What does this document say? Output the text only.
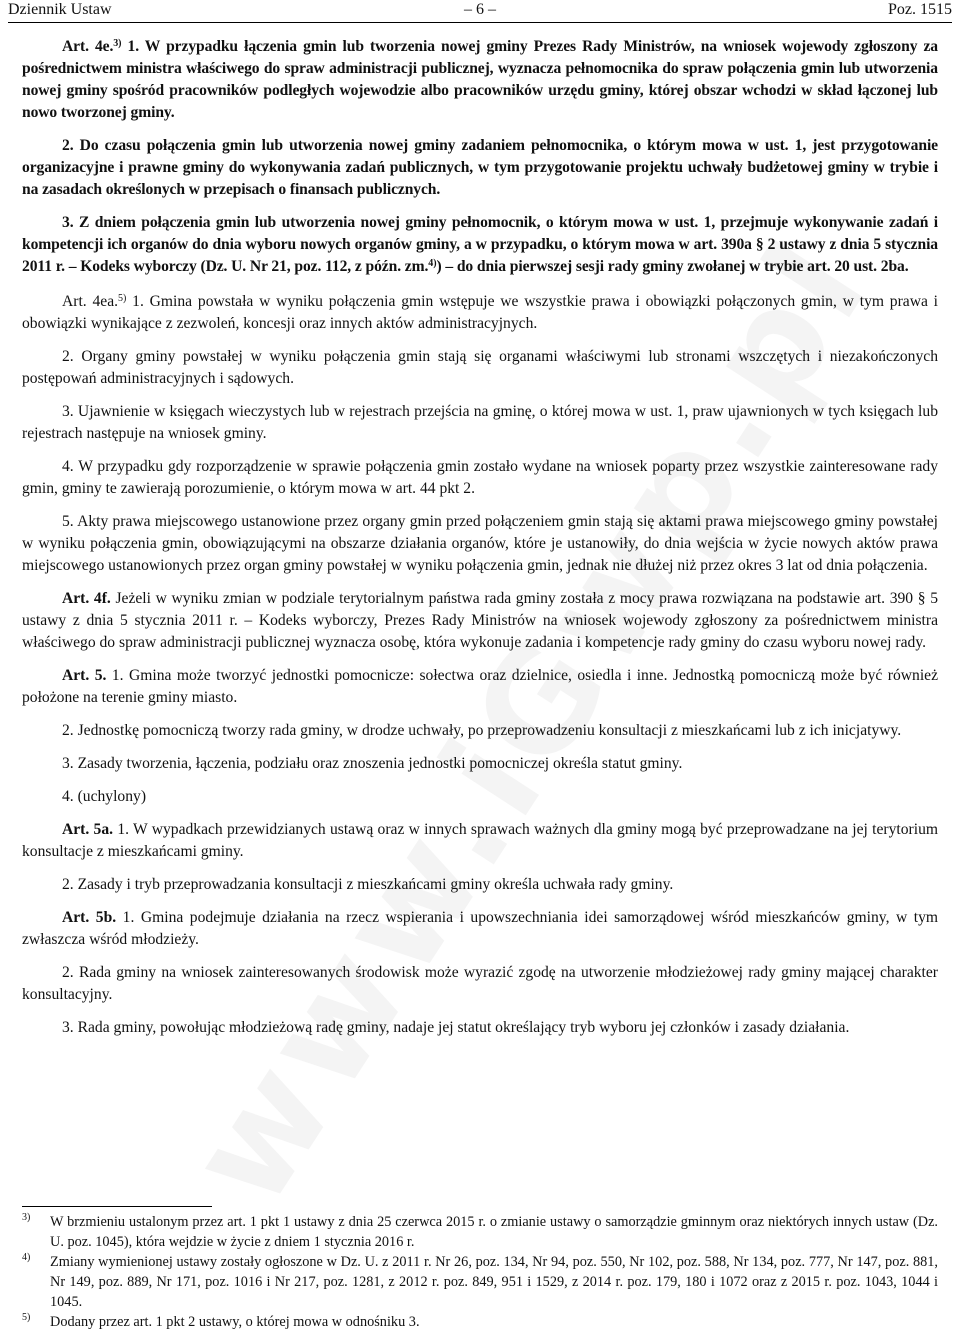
Dziennik Ustaw	– 6 –	Poz. 1515

Art. 4e.$^{3)}$ 1. W przypadku łączenia gmin lub tworzenia nowej gminy Prezes Rady Ministrów, na wniosek wojewody zgłoszony za pośrednictwem ministra właściwego do spraw administracji publicznej, wyznacza pełnomocnika do spraw połączenia gmin lub utworzenia nowej gminy spośród pracowników podległych wojewodzie albo pracowników urzędu gminy, której obszar wchodzi w skład łączonej lub nowo tworzonej gminy.

2. Do czasu połączenia gmin lub utworzenia nowej gminy zadaniem pełnomocnika, o którym mowa w ust. 1, jest przygotowanie organizacyjne i prawne gminy do wykonywania zadań publicznych, w tym przygotowanie projektu uchwały budżetowej gminy w trybie i na zasadach określonych w przepisach o finansach publicznych.

3. Z dniem połączenia gmin lub utworzenia nowej gminy pełnomocnik, o którym mowa w ust. 1, przejmuje wykonywanie zadań i kompetencji ich organów do dnia wyboru nowych organów gminy, a w przypadku, o którym mowa w art. 390a § 2 ustawy z dnia 5 stycznia 2011 r. – Kodeks wyborczy (Dz. U. Nr 21, poz. 112, z późn. zm.$^{4)}$) – do dnia pierwszej sesji rady gminy zwołanej w trybie art. 20 ust. 2ba.

Art. 4ea.$^{5)}$ 1. Gmina powstała w wyniku połączenia gmin wstępuje we wszystkie prawa i obowiązki połączonych gmin, w tym prawa i obowiązki wynikające z zezwoleń, koncesji oraz innych aktów administracyjnych.

2. Organy gminy powstałej w wyniku połączenia gmin stają się organami właściwymi lub stronami wszczętych i niezakończonych postępowań administracyjnych i sądowych.

3. Ujawnienie w księgach wieczystych lub w rejestrach przejścia na gminę, o której mowa w ust. 1, praw ujawnionych w tych księgach lub rejestrach następuje na wniosek gminy.

4. W przypadku gdy rozporządzenie w sprawie połączenia gmin zostało wydane na wniosek poparty przez wszystkie zainteresowane rady gmin, gminy te zawierają porozumienie, o którym mowa w art. 44 pkt 2.

5. Akty prawa miejscowego ustanowione przez organy gmin przed połączeniem gmin stają się aktami prawa miejscowego gminy powstałej w wyniku połączenia gmin, obowiązującymi na obszarze działania organów, które je ustanowiły, do dnia wejścia w życie nowych aktów prawa miejscowego ustanowionych przez organ gminy powstałej w wyniku połączenia gmin, jednak nie dłużej niż przez okres 3 lat od dnia połączenia.

Art. 4f. Jeżeli w wyniku zmian w podziale terytorialnym państwa rada gminy została z mocy prawa rozwiązana na podstawie art. 390 § 5 ustawy z dnia 5 stycznia 2011 r. – Kodeks wyborczy, Prezes Rady Ministrów na wniosek wojewody zgłoszony za pośrednictwem ministra właściwego do spraw administracji publicznej wyznacza osobę, która wykonuje zadania i kompetencje rady gminy do czasu wyboru nowej rady.

Art. 5. 1. Gmina może tworzyć jednostki pomocnicze: sołectwa oraz dzielnice, osiedla i inne. Jednostką pomocniczą może być również położone na terenie gminy miasto.

2. Jednostkę pomocniczą tworzy rada gminy, w drodze uchwały, po przeprowadzeniu konsultacji z mieszkańcami lub z ich inicjatywy.

3. Zasady tworzenia, łączenia, podziału oraz znoszenia jednostki pomocniczej określa statut gminy.

4. (uchylony)

Art. 5a. 1. W wypadkach przewidzianych ustawą oraz w innych sprawach ważnych dla gminy mogą być przeprowadzane na jej terytorium konsultacje z mieszkańcami gminy.

2. Zasady i tryb przeprowadzania konsultacji z mieszkańcami gminy określa uchwała rady gminy.

Art. 5b. 1. Gmina podejmuje działania na rzecz wspierania i upowszechniania idei samorządowej wśród mieszkańców gminy, w tym zwłaszcza wśród młodzieży.

2. Rada gminy na wniosek zainteresowanych środowisk może wyrazić zgodę na utworzenie młodzieżowej rady gminy mającej charakter konsultacyjny.

3. Rada gminy, powołując młodzieżową radę gminy, nadaje jej statut określający tryb wyboru jej członków i zasady działania.

3) W brzmieniu ustalonym przez art. 1 pkt 1 ustawy z dnia 25 czerwca 2015 r. o zmianie ustawy o samorządzie gminnym oraz niektórych innych ustaw (Dz. U. poz. 1045), która wejdzie w życie z dniem 1 stycznia 2016 r.
4) Zmiany wymienionej ustawy zostały ogłoszone w Dz. U. z 2011 r. Nr 26, poz. 134, Nr 94, poz. 550, Nr 102, poz. 588, Nr 134, poz. 777, Nr 147, poz. 881, Nr 149, poz. 889, Nr 171, poz. 1016 i Nr 217, poz. 1281, z 2012 r. poz. 849, 951 i 1529, z 2014 r. poz. 179, 180 i 1072 oraz z 2015 r. poz. 1043, 1044 i 1045.
5) Dodany przez art. 1 pkt 2 ustawy, o której mowa w odnośniku 3.
